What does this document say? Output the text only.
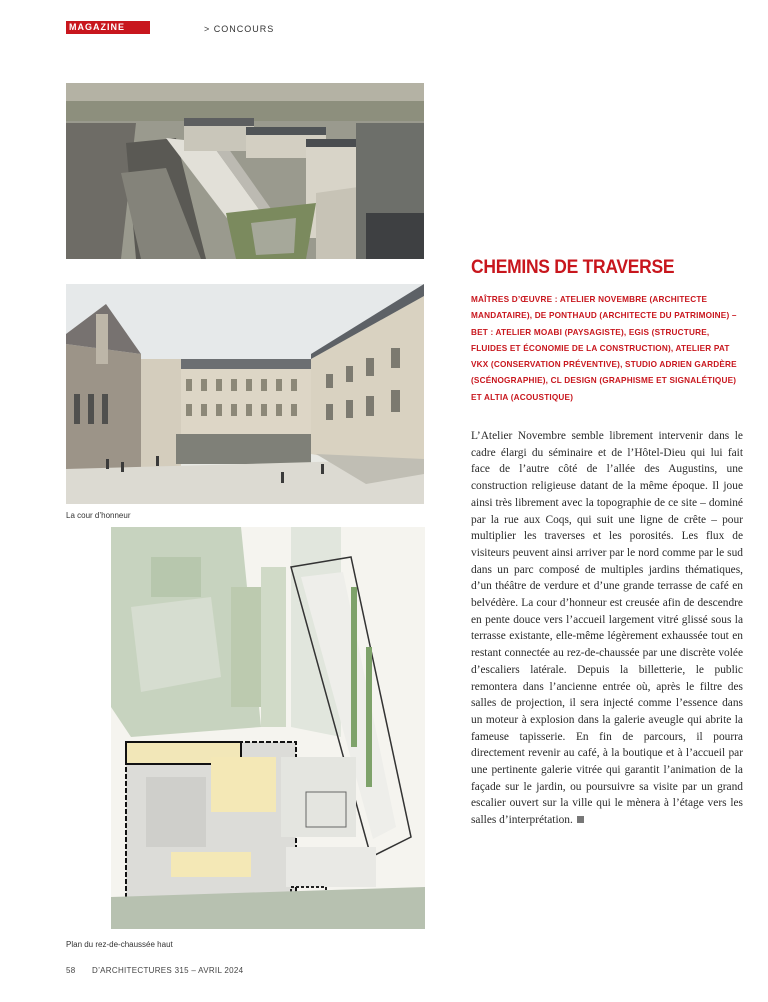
MAGAZINE	> CONCOURS
La cour d’honneur
Plan du rez-de-chaussée haut
CHEMINS DE TRAVERSE
MAÎTRES D’ŒUVRE : ATELIER NOVEMBRE (ARCHITECTE MANDATAIRE), DE PONTHAUD (ARCHITECTE DU PATRIMOINE) – BET : ATELIER MOABI (PAYSAGISTE), EGIS (STRUCTURE, FLUIDES ET ÉCONOMIE DE LA CONSTRUCTION), ATELIER PAT VKX (CONSERVATION PRÉVENTIVE), STUDIO ADRIEN GARDÈRE (SCÉNOGRAPHIE), CL DESIGN (GRAPHISME ET SIGNALÉTIQUE) ET ALTIA (ACOUSTIQUE)
L’Atelier Novembre semble librement intervenir dans le cadre élargi du séminaire et de l’Hôtel-Dieu qui lui fait face de l’autre côté de l’allée des Augustins, une construction religieuse datant de la même époque. Il joue ainsi très librement avec la topographie de ce site – dominé par la rue aux Coqs, qui suit une ligne de crête – pour multiplier les traverses et les porosités. Les flux de visiteurs peuvent ainsi arriver par le nord comme par le sud dans un parc composé de multiples jardins thématiques, d’un théâtre de verdure et d’une grande terrasse de café en belvédère. La cour d’honneur est creusée afin de descendre en pente douce vers l’accueil largement vitré glissé sous la terrasse existante, elle-même légèrement exhaussée tout en restant connectée au rez-de-chaussée par une discrète volée d’escaliers latérale. Depuis la billetterie, le public remontera dans l’ancienne entrée où, après le filtre des salles de projection, il sera injecté comme l’essence dans un moteur à explosion dans la galerie aveugle qui abrite la fameuse tapisserie. En fin de parcours, il pourra directement revenir au café, à la boutique et à l’accueil par une pertinente galerie vitrée qui garantit l’animation de la façade sur le jardin, ou poursuivre sa visite par un grand escalier ouvert sur la ville qui le mènera à l’étage vers les salles d’interprétation.
58 D’ARCHITECTURES 315 – AVRIL 2024
